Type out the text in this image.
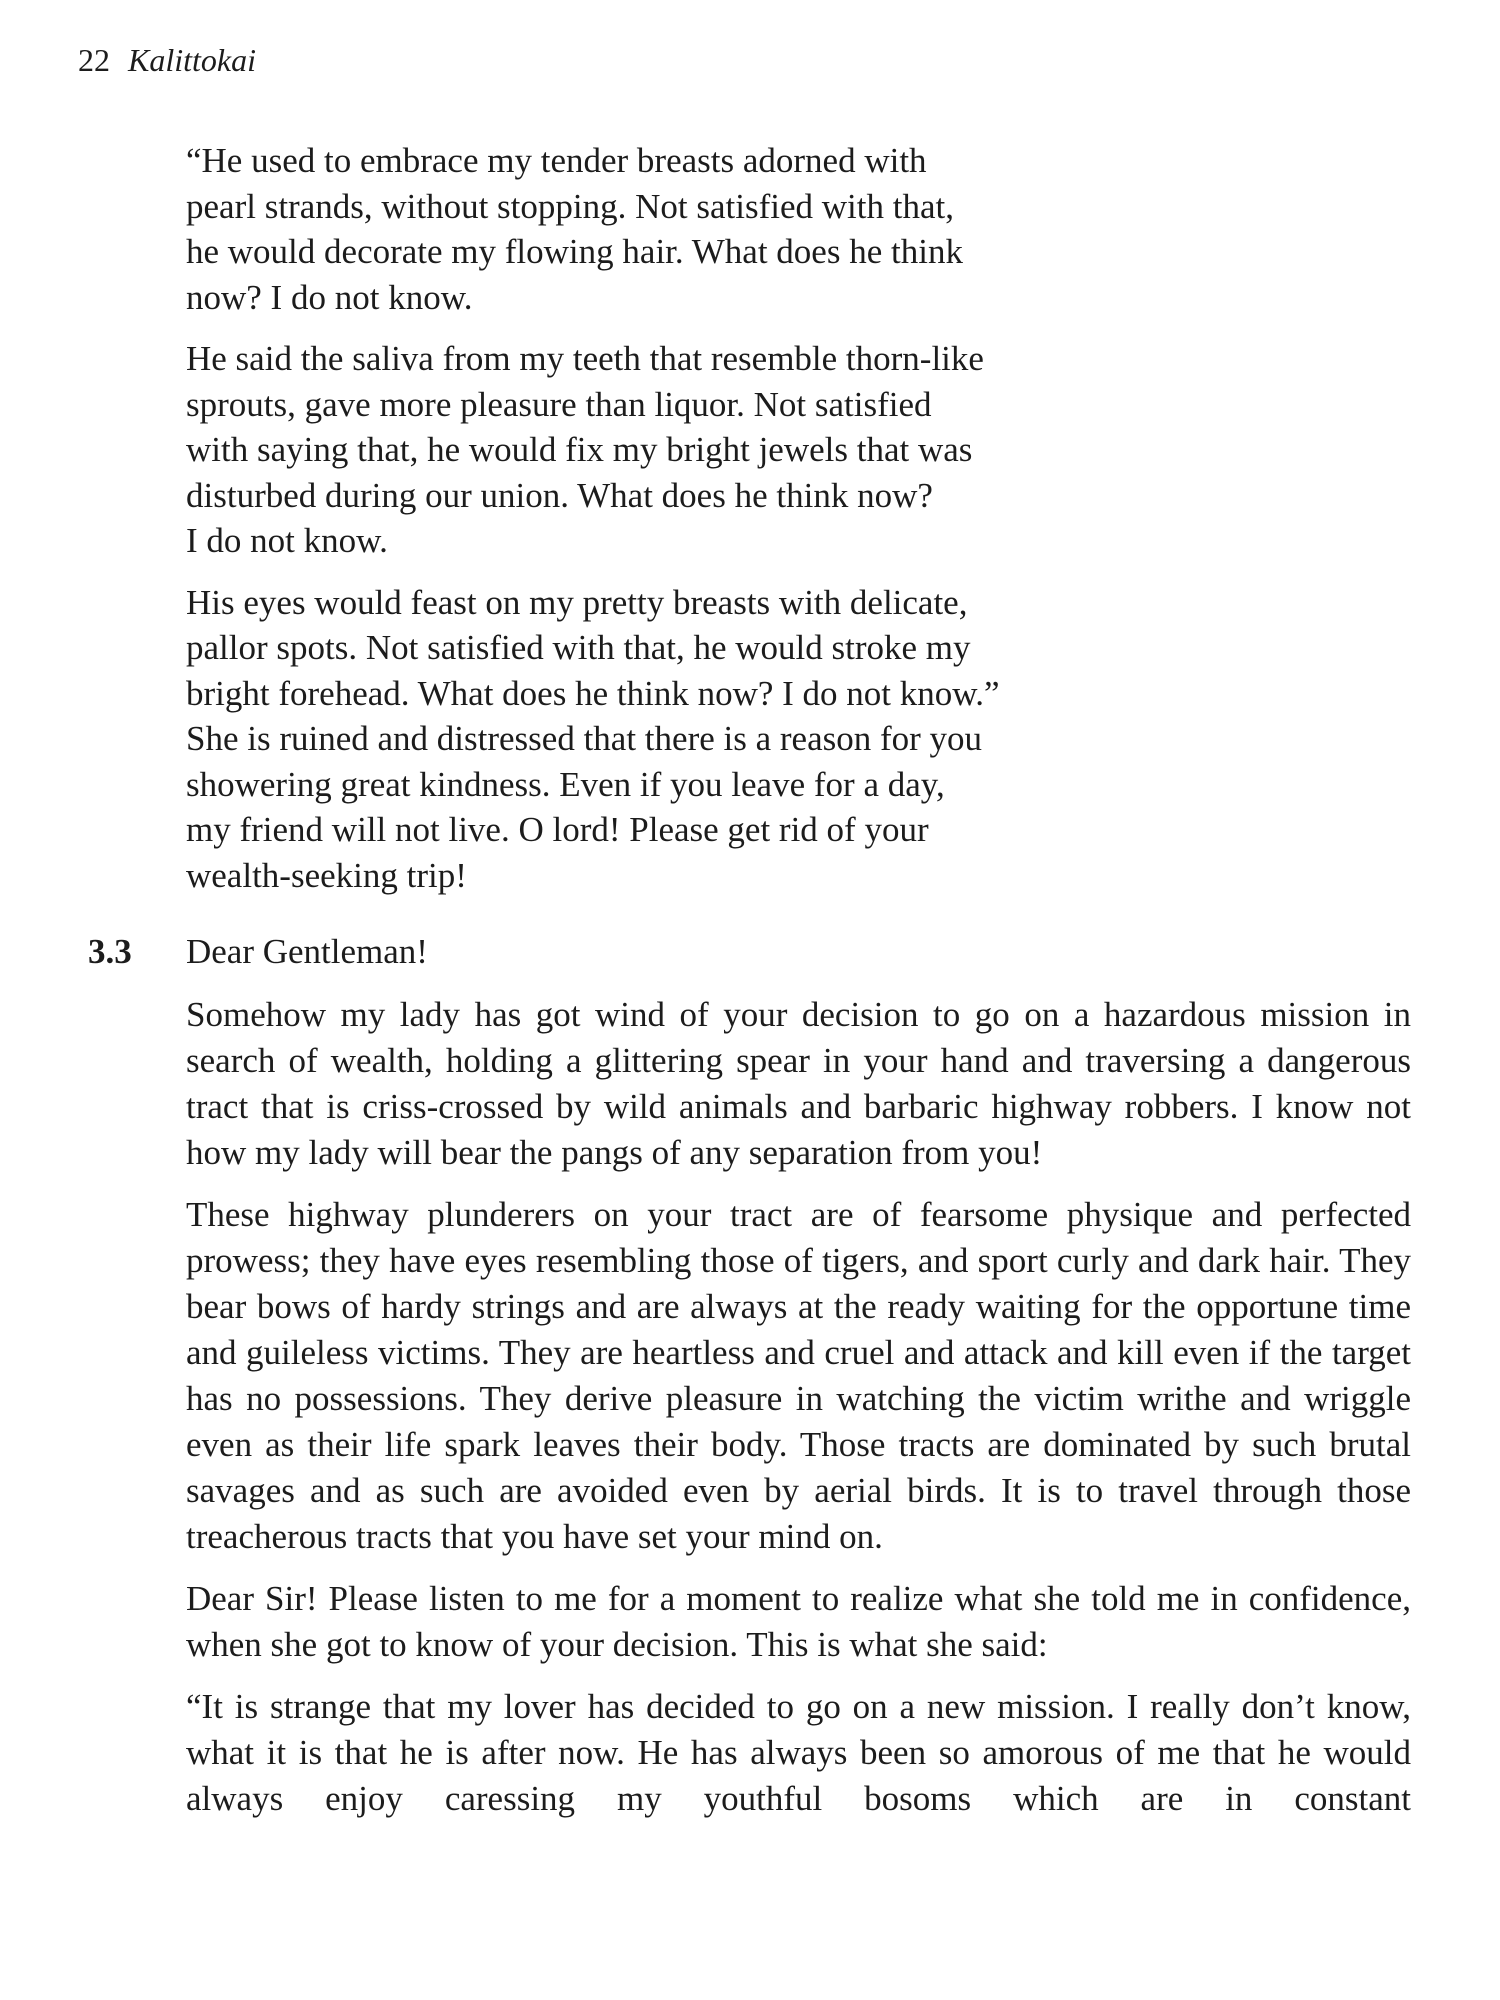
22 Kalittokai
“He used to embrace my tender breasts adorned with
pearl strands, without stopping. Not satisfied with that,
he would decorate my flowing hair. What does he think
now? I do not know.
He said the saliva from my teeth that resemble thorn-like
sprouts, gave more pleasure than liquor. Not satisfied
with saying that, he would fix my bright jewels that was
disturbed during our union. What does he think now?
I do not know.
His eyes would feast on my pretty breasts with delicate,
pallor spots. Not satisfied with that, he would stroke my
bright forehead. What does he think now? I do not know.”
She is ruined and distressed that there is a reason for you
showering great kindness. Even if you leave for a day,
my friend will not live. O lord! Please get rid of your
wealth-seeking trip!
3.3 Dear Gentleman!

Somehow my lady has got wind of your decision to go on a hazardous mission in search of wealth, holding a glittering spear in your hand and traversing a dangerous tract that is criss-crossed by wild animals and barbaric highway robbers. I know not how my lady will bear the pangs of any separation from you!

These highway plunderers on your tract are of fearsome physique and perfected prowess; they have eyes resembling those of tigers, and sport curly and dark hair. They bear bows of hardy strings and are always at the ready waiting for the opportune time and guileless victims. They are heartless and cruel and attack and kill even if the target has no possessions. They derive pleasure in watching the victim writhe and wriggle even as their life spark leaves their body. Those tracts are dominated by such brutal savages and as such are avoided even by aerial birds. It is to travel through those treacherous tracts that you have set your mind on.

Dear Sir! Please listen to me for a moment to realize what she told me in confidence, when she got to know of your decision. This is what she said:

“It is strange that my lover has decided to go on a new mission. I really don’t know, what it is that he is after now. He has always been so amorous of me that he would always enjoy caressing my youthful bosoms which are in constant
